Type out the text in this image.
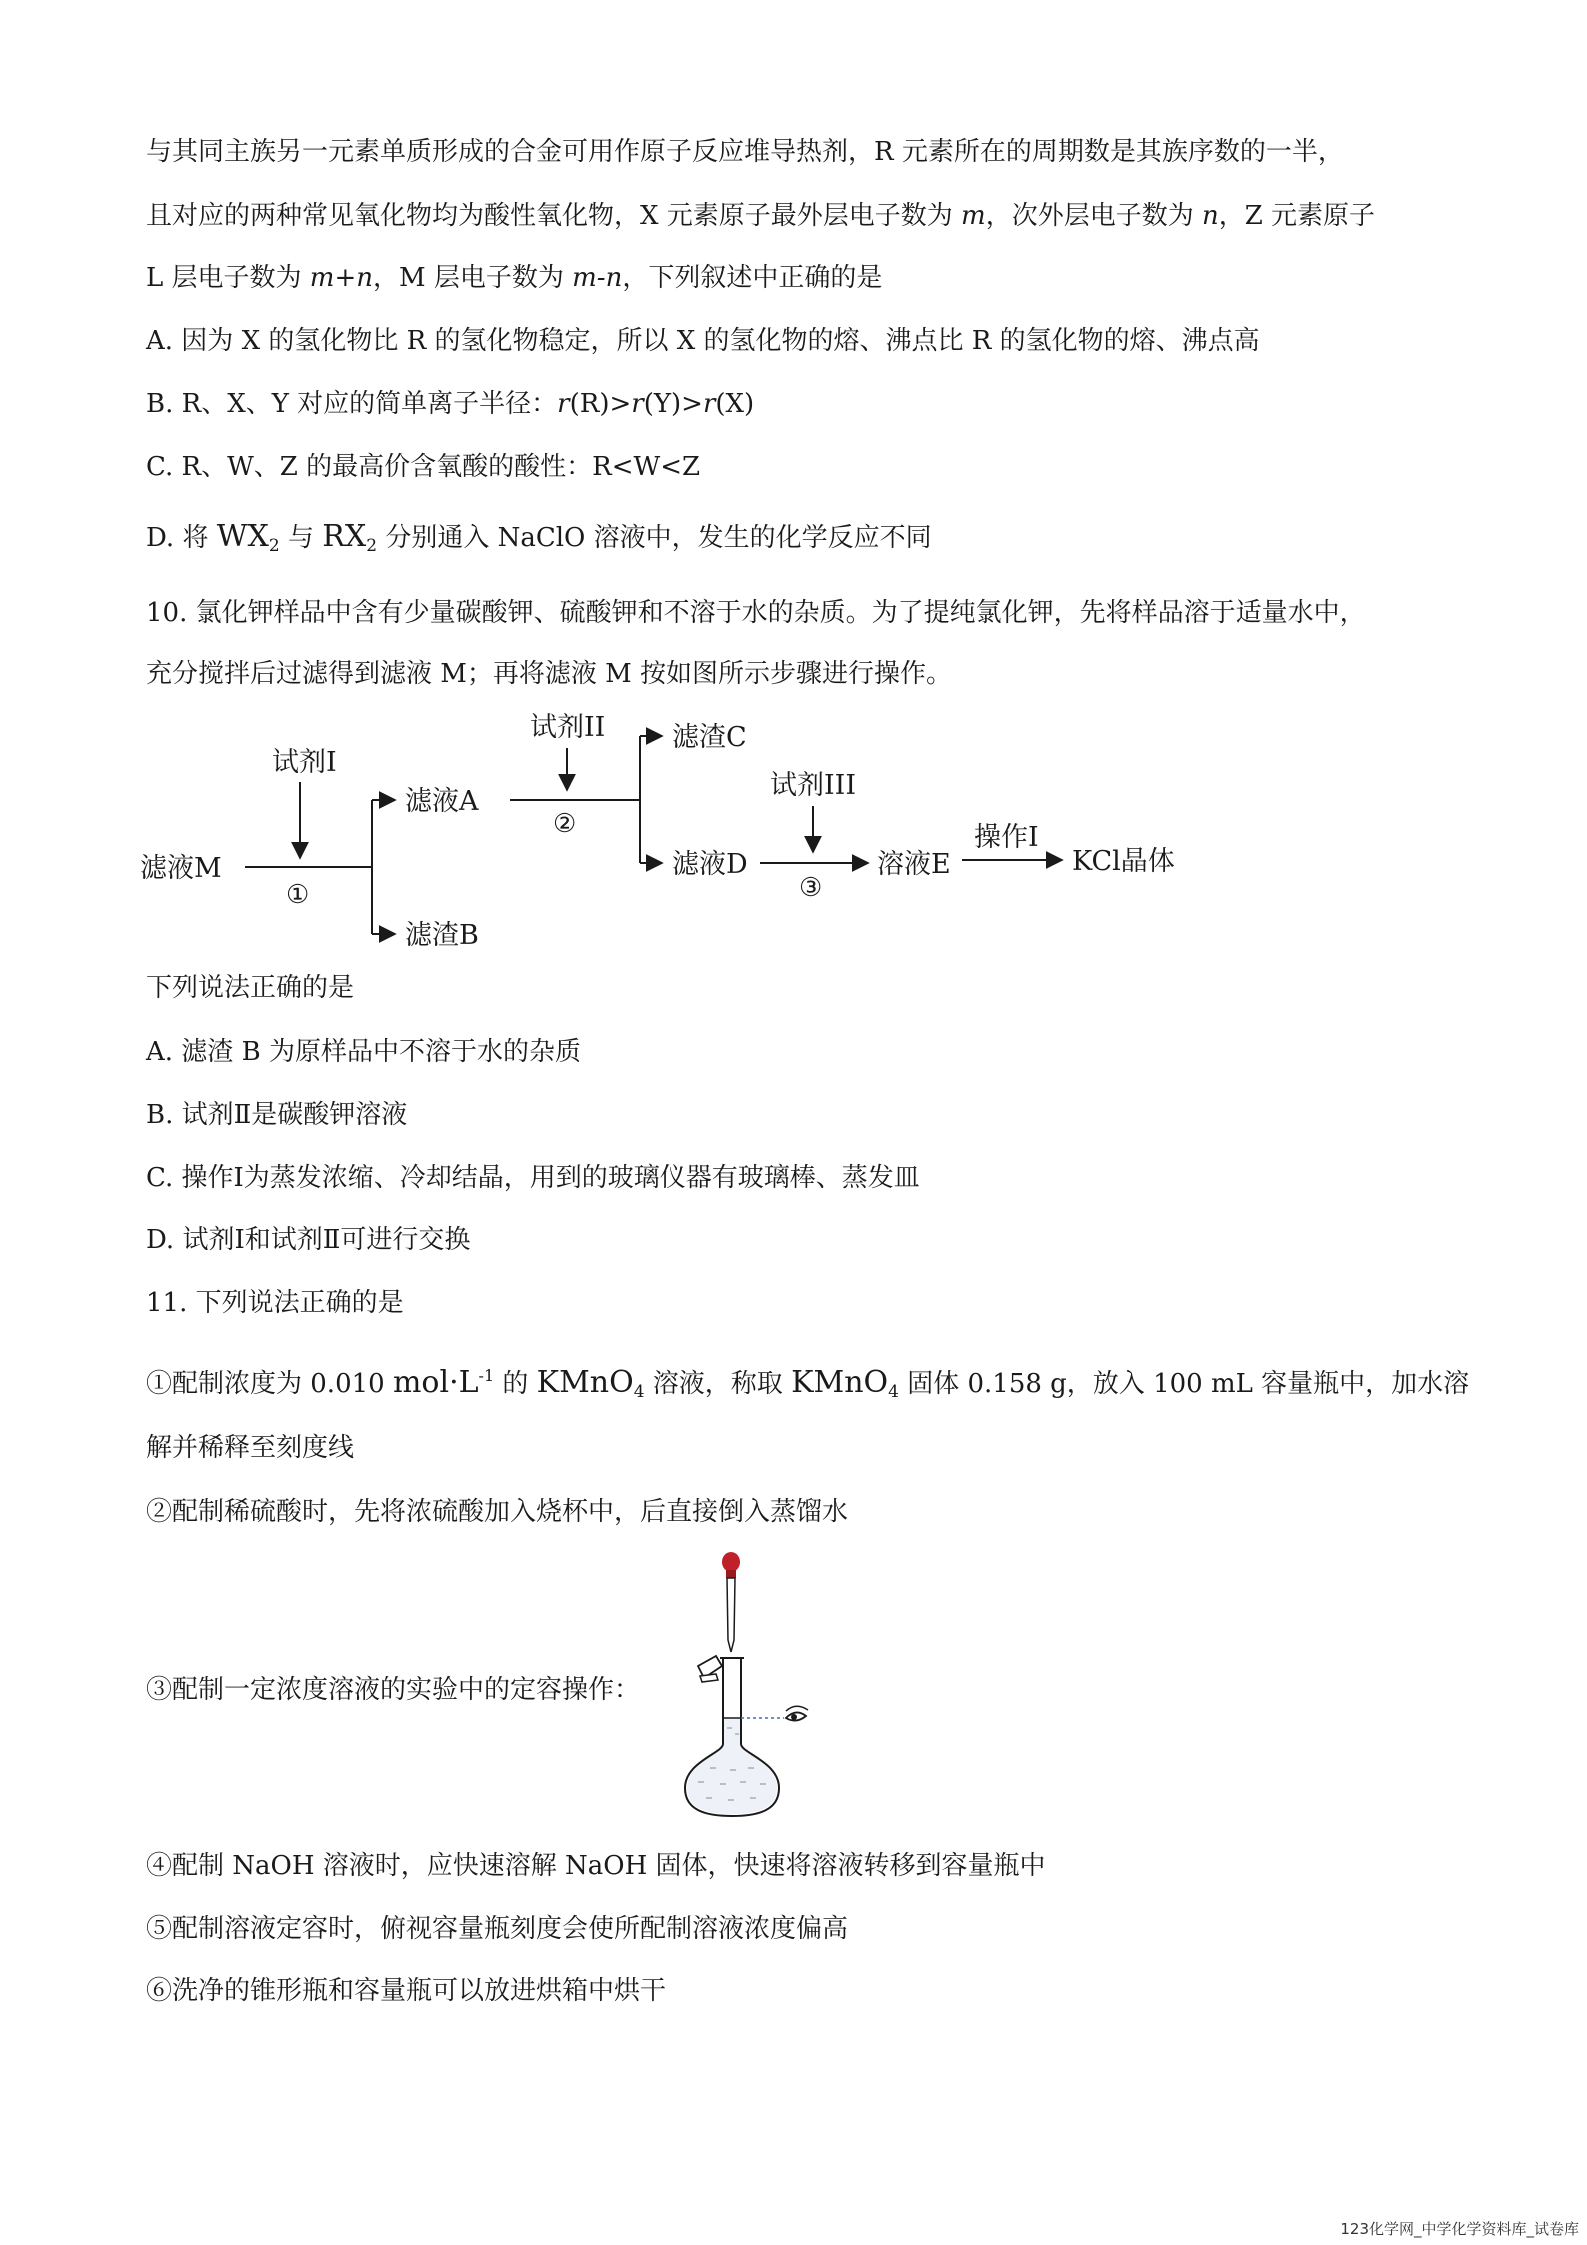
与其同主族另一元素单质形成的合金可用作原子反应堆导热剂，R 元素所在的周期数是其族序数的一半，
且对应的两种常见氧化物均为酸性氧化物，X 元素原子最外层电子数为 m，次外层电子数为 n，Z 元素原子
L 层电子数为 m+n，M 层电子数为 m-n，下列叙述中正确的是
A. 因为 X 的氢化物比 R 的氢化物稳定，所以 X 的氢化物的熔、沸点比 R 的氢化物的熔、沸点高
B. R、X、Y 对应的简单离子半径：r(R)>r(Y)>r(X)
C. R、W、Z 的最高价含氧酸的酸性：R<W<Z
D. 将 $WX_2$ 与 $RX_2$ 分别通入 NaClO 溶液中，发生的化学反应不同
10. 氯化钾样品中含有少量碳酸钾、硫酸钾和不溶于水的杂质。为了提纯氯化钾，先将样品溶于适量水中，
充分搅拌后过滤得到滤液 M；再将滤液 M 按如图所示步骤进行操作。
滤液M
试剂I
①
滤液A
滤渣B
试剂II
②
滤渣C
滤液D
试剂III
③
溶液E
操作I
KCl晶体
下列说法正确的是
A. 滤渣 B 为原样品中不溶于水的杂质
B. 试剂Ⅱ是碳酸钾溶液
C. 操作Ⅰ为蒸发浓缩、冷却结晶，用到的玻璃仪器有玻璃棒、蒸发皿
D. 试剂Ⅰ和试剂Ⅱ可进行交换
11. 下列说法正确的是
①配制浓度为 0.010 $mol\cdot L^{-1}$ 的 KMnO$_4$ 溶液，称取 KMnO$_4$ 固体 0.158 g，放入 100 mL 容量瓶中，加水溶
解并稀释至刻度线
②配制稀硫酸时，先将浓硫酸加入烧杯中，后直接倒入蒸馏水
③配制一定浓度溶液的实验中的定容操作：
④配制 NaOH 溶液时，应快速溶解 NaOH 固体，快速将溶液转移到容量瓶中
⑤配制溶液定容时，俯视容量瓶刻度会使所配制溶液浓度偏高
⑥洗净的锥形瓶和容量瓶可以放进烘箱中烘干
123化学网_中学化学资料库_试卷库
